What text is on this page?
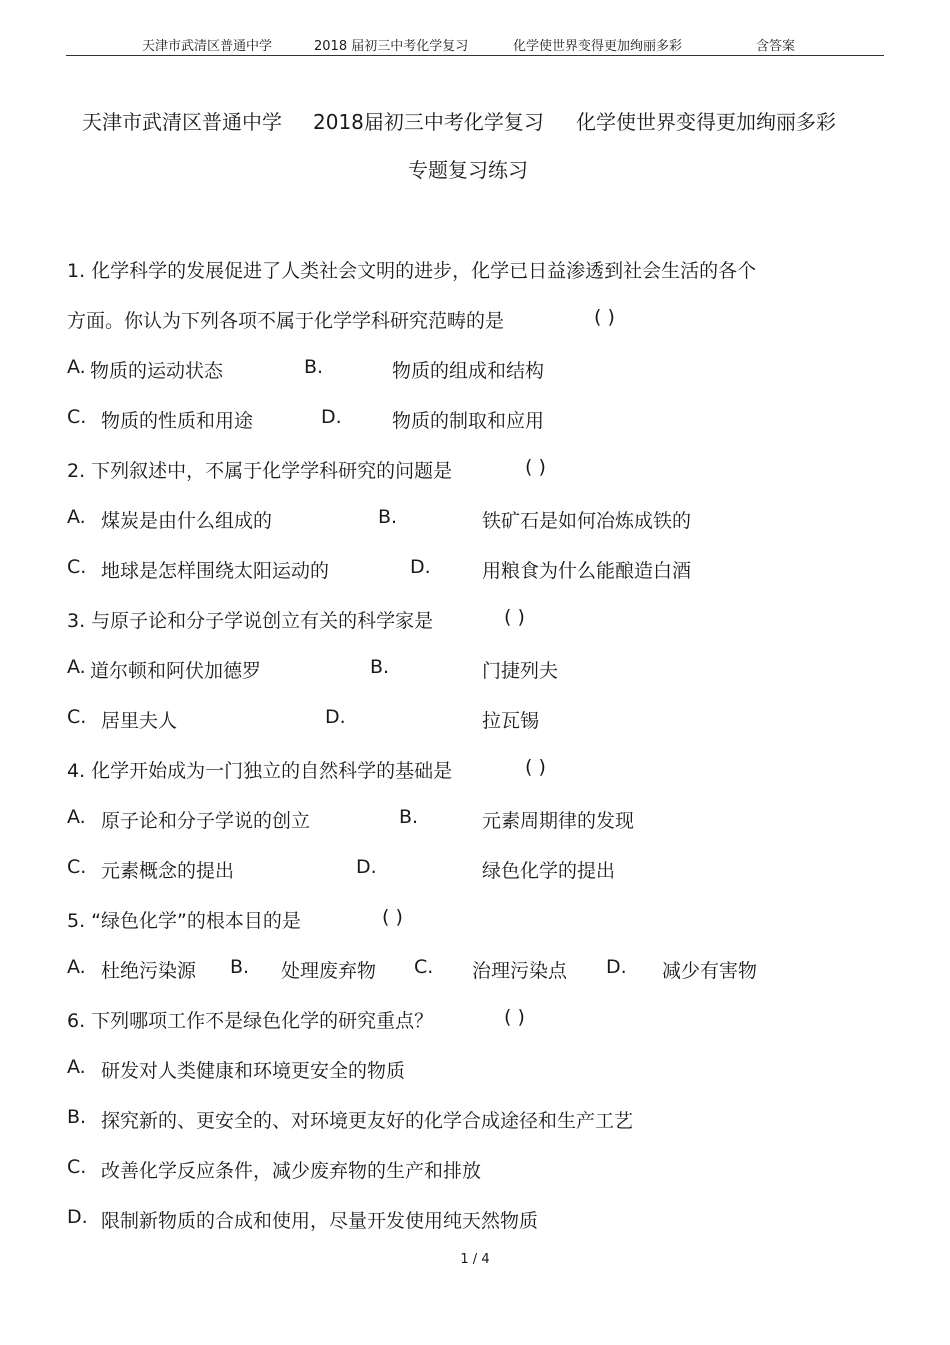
天津市武清区普通中学	2018 届初三中考化学复习	化学使世界变得更加绚丽多彩	含答案
天津市武清区普通中学 2018届初三中考化学复习 化学使世界变得更加绚丽多彩
专题复习练习
1. 化学科学的发展促进了人类社会文明的进步，化学已日益渗透到社会生活的各个
方面。你认为下列各项不属于化学学科研究范畴的是	( )
A. 物质的运动状态	B.	物质的组成和结构
C. 物质的性质和用途	D.	物质的制取和应用
2. 下列叙述中，不属于化学学科研究的问题是	( )
A. 煤炭是由什么组成的	B.	铁矿石是如何冶炼成铁的
C. 地球是怎样围绕太阳运动的	D.	用粮食为什么能酿造白酒
3. 与原子论和分子学说创立有关的科学家是	( )
A. 道尔顿和阿伏加德罗	B.	门捷列夫
C. 居里夫人	D.	拉瓦锡
4. 化学开始成为一门独立的自然科学的基础是	( )
A. 原子论和分子学说的创立	B.	元素周期律的发现
C. 元素概念的提出	D.	绿色化学的提出
5. “绿色化学”的根本目的是	( )
A. 杜绝污染源 B. 处理废弃物 C. 治理污染点 D. 减少有害物
6. 下列哪项工作不是绿色化学的研究重点？	( )
A. 研发对人类健康和环境更安全的物质
B. 探究新的、更安全的、对环境更友好的化学合成途径和生产工艺
C. 改善化学反应条件，减少废弃物的生产和排放
D. 限制新物质的合成和使用，尽量开发使用纯天然物质
1 / 4
